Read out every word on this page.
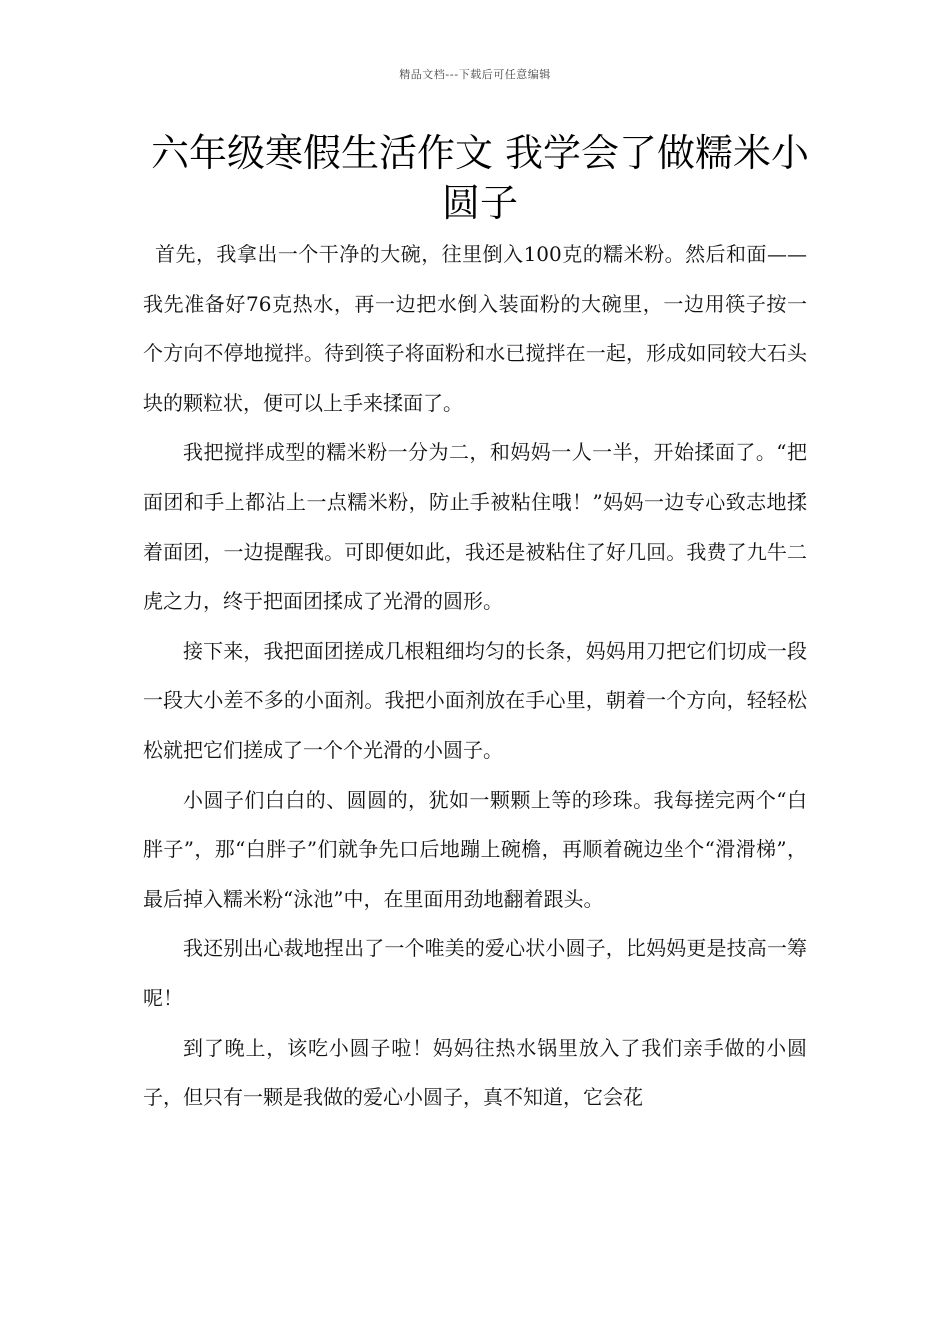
精品文档---下载后可任意编辑
六年级寒假生活作文 我学会了做糯米小圆子

首先，我拿出一个干净的大碗，往里倒入100克的糯米粉。然后和面——我先准备好76克热水，再一边把水倒入装面粉的大碗里，一边用筷子按一个方向不停地搅拌。待到筷子将面粉和水已搅拌在一起，形成如同较大石头块的颗粒状，便可以上手来揉面了。

我把搅拌成型的糯米粉一分为二，和妈妈一人一半，开始揉面了。“把面团和手上都沾上一点糯米粉，防止手被粘住哦！”妈妈一边专心致志地揉着面团，一边提醒我。可即便如此，我还是被粘住了好几回。我费了九牛二虎之力，终于把面团揉成了光滑的圆形。

接下来，我把面团搓成几根粗细均匀的长条，妈妈用刀把它们切成一段一段大小差不多的小面剂。我把小面剂放在手心里，朝着一个方向，轻轻松松就把它们搓成了一个个光滑的小圆子。

小圆子们白白的、圆圆的，犹如一颗颗上等的珍珠。我每搓完两个“白胖子”，那“白胖子”们就争先口后地蹦上碗檐，再顺着碗边坐个“滑滑梯”，最后掉入糯米粉“泳池”中，在里面用劲地翻着跟头。

我还别出心裁地捏出了一个唯美的爱心状小圆子，比妈妈更是技高一筹呢！

到了晚上，该吃小圆子啦！妈妈往热水锅里放入了我们亲手做的小圆子，但只有一颗是我做的爱心小圆子，真不知道，它会花
